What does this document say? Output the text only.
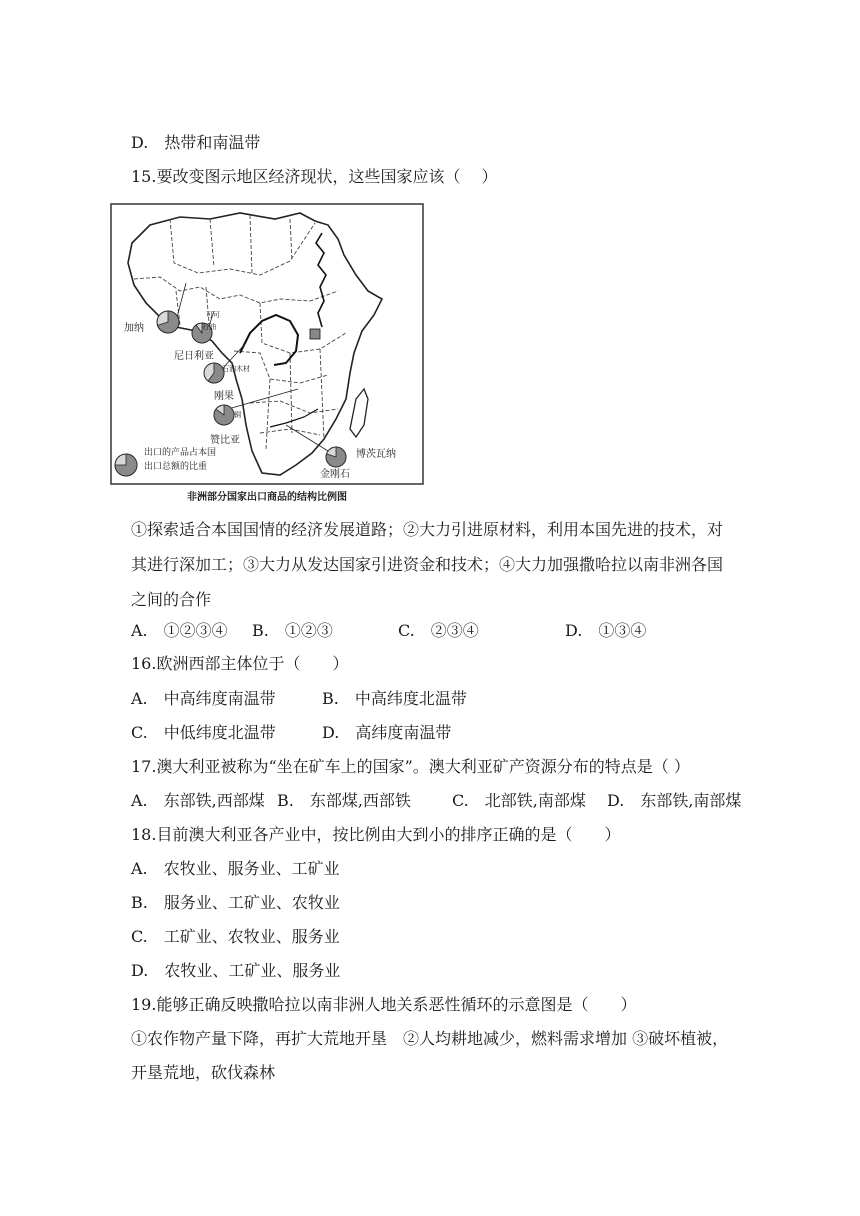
D.　热带和南温带
15.要改变图示地区经济现状，这些国家应该（　 ）
加纳
可可
尼日利亚
石油
刚果
石油木材
赞比亚
铜
博茨瓦纳
金刚石
出口的产品占本国
出口总额的比重
非洲部分国家出口商品的结构比例图
①探索适合本国国情的经济发展道路；②大力引进原材料，利用本国先进的技术，对
其进行深加工；③大力从发达国家引进资金和技术；④大力加强撒哈拉以南非洲各国
之间的合作
A.　①②③④ B.　①②③	C.　②③④	D.　①③④
16.欧洲西部主体位于（　　）
A.　中高纬度南温带	B.　中高纬度北温带
C.　中低纬度北温带	D.　高纬度南温带
17.澳大利亚被称为“坐在矿车上的国家”。澳大利亚矿产资源分布的特点是（ ）
A.　东部铁,西部煤 B.　东部煤,西部铁	C.　北部铁,南部煤 D.　东部铁,南部煤
18.目前澳大利亚各产业中，按比例由大到小的排序正确的是（　　）
A.　农牧业、服务业、工矿业
B.　服务业、工矿业、农牧业
C.　工矿业、农牧业、服务业
D.　农牧业、工矿业、服务业
19.能够正确反映撒哈拉以南非洲人地关系恶性循环的示意图是（　　）
①农作物产量下降，再扩大荒地开垦　②人均耕地减少，燃料需求增加 ③破坏植被，
开垦荒地，砍伐森林
